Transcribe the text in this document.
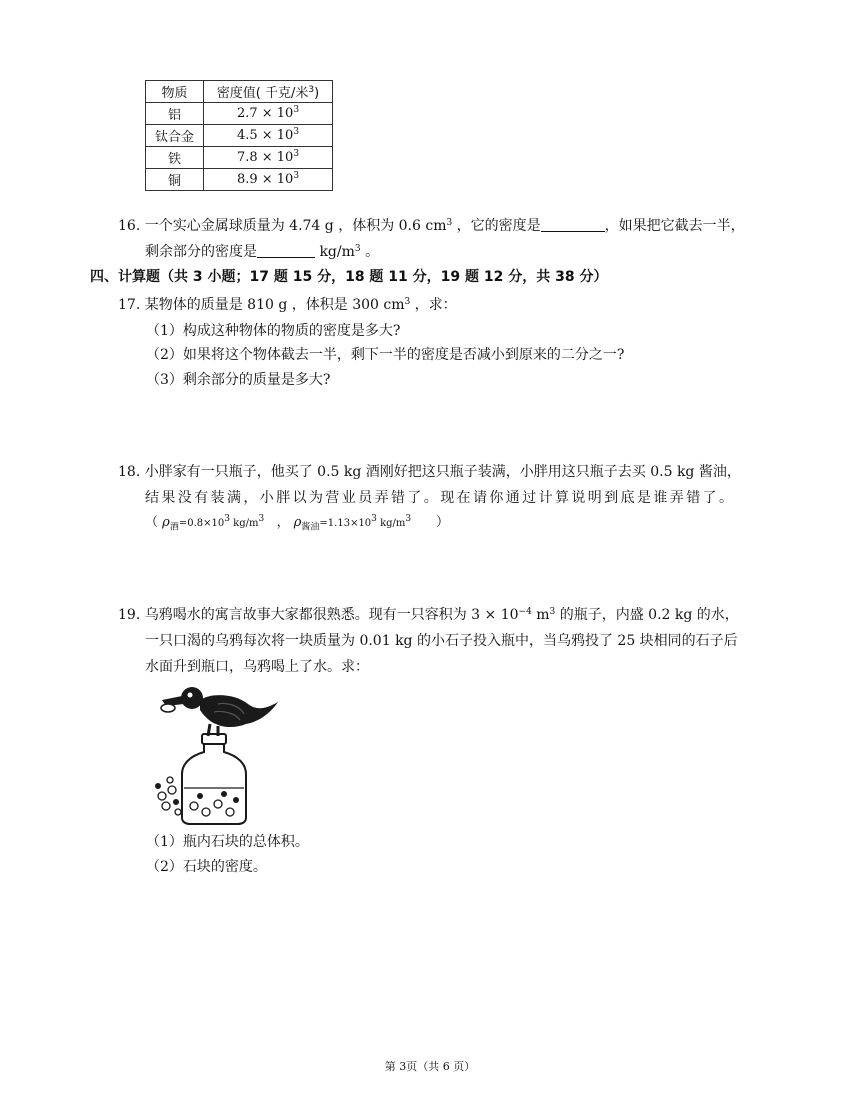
物质	密度值( 千克/米$^3$)
铝	$2.7 \times 10^3$
钛合金	$4.5 \times 10^3$
铁	$7.8 \times 10^3$
铜	$8.9 \times 10^3$
16. 一个实心金属球质量为 4.74 g ，体积为 0.6 $cm^3$ ，它的密度是	，如果把它截去一半，
剩余部分的密度是	$kg/m^3$ 。
四、计算题（共 3 小题；17 题 15 分，18 题 11 分，19 题 12 分，共 38 分）
17. 某物体的质量是 810 g ，体积是 300 $cm^3$ ，求：
（1）构成这种物体的物质的密度是多大?
（2）如果将这个物体截去一半，剩下一半的密度是否减小到原来的二分之一?
（3）剩余部分的质量是多大?
18. 小胖家有一只瓶子，他买了 0.5 kg 酒刚好把这只瓶子装满，小胖用这只瓶子去买 0.5 kg 酱油，
结果没有装满，小胖以为营业员弄错了。现在请你通过计算说明到底是谁弄错了。
（ $\rho_酒=0.8\times 10^3$ $kg/m^3$ ， $\rho_{酱油}=1.13\times 10^3$ $kg/m^3$ ）
19. 乌鸦喝水的寓言故事大家都很熟悉。现有一只容积为 $3 \times 10^{-4}$ $m^3$ 的瓶子，内盛 0.2 kg 的水，
一只口渴的乌鸦每次将一块质量为 0.01 kg 的小石子投入瓶中，当乌鸦投了 25 块相同的石子后
水面升到瓶口，乌鸦喝上了水。求：
（1）瓶内石块的总体积。
（2）石块的密度。
第 3页（共 6 页）
